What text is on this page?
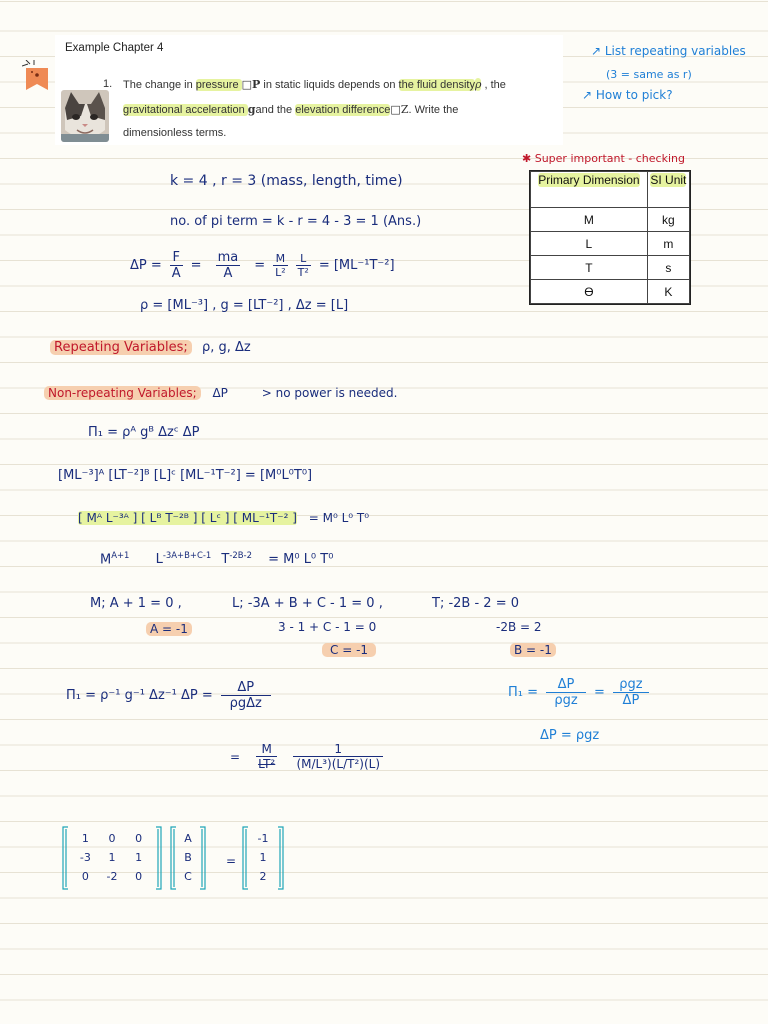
Example Chapter 4
1. The change in pressure □P in static liquids depends on the fluid densityρ , the
gravitational acceleration gand the elevation difference□Z. Write the
dimensionless terms.
↗ List repeating variables
(3 = same as r)
↗ How to pick?
✱ Super important - checking
Primary Dimension	SI Unit
M	kg
L	m
T	s
ϴ	K
k = 4 , r = 3 (mass, length, time)
no. of pi term = k - r = 4 - 3 = 1 (Ans.)
$\Delta P = \frac{F}{A} = \frac{ma}{A} = \frac{M}{\text{L²}} \frac{L}{\text{T²}} = [ML^{-1}T^{-2}]$
ρ = [ML⁻³] , g = [LT⁻²] , Δz = [L]
Repeating Variables; ρ, g, Δz
Non-repeating Variables; ΔP	> no power is needed.
Π₁ = ρᴬ gᴮ Δzᶜ ΔP
[ML⁻³]ᴬ [LT⁻²]ᴮ [L]ᶜ [ML⁻¹T⁻²] = [M⁰L⁰T⁰]
[ Mᴬ L⁻³ᴬ ] [ Lᴮ T⁻²ᴮ ] [ Lᶜ ] [ ML⁻¹T⁻² ] = M⁰ L⁰ T⁰
$M^{A+1}$ $L^{-3A+B+C-1}$ $T^{-2B-2} = M^0$ L⁰ T⁰
M; A + 1 = 0 ,
A = -1
L; -3A + B + C - 1 = 0 ,
3 - 1 + C - 1 = 0
C = -1
T; -2B - 2 = 0
-2B = 2
B = -1
Π₁ = ρ⁻¹ g⁻¹ Δz⁻¹ $\Delta P = \frac{\Delta P}{\text{ρgΔz}}$
= $\frac{M}{\text{LT²}} \frac{1}{\text{(M/L³)(L/T²)(L)}}$
$\Pi_1 = \frac{\Delta P}{\text{ρgz}} = \frac{\text{ρgz}}{\Delta P}$
ΔP = ρgz
1	0	0
-3	1	1
0	-2	0
A
B
C
=
-1
1
2
